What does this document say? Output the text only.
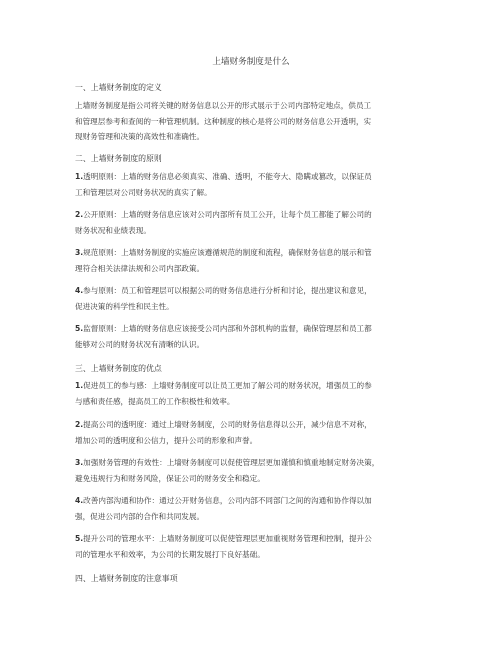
上墙财务制度是什么
一、上墙财务制度的定义
上墙财务制度是指公司将关键的财务信息以公开的形式展示于公司内部特定地点，供员工
和管理层参考和查阅的一种管理机制。这种制度的核心是将公司的财务信息公开透明，实
现财务管理和决策的高效性和准确性。
二、上墙财务制度的原则
1.透明原则：上墙的财务信息必须真实、准确、透明，不能夸大、隐瞒或篡改，以保证员
工和管理层对公司财务状况的真实了解。
2.公开原则：上墙的财务信息应该对公司内部所有员工公开，让每个员工都能了解公司的
财务状况和业绩表现。
3.规范原则：上墙财务制度的实施应该遵循规范的制度和流程，确保财务信息的展示和管
理符合相关法律法规和公司内部政策。
4.参与原则：员工和管理层可以根据公司的财务信息进行分析和讨论，提出建议和意见，
促进决策的科学性和民主性。
5.监督原则：上墙的财务信息应该接受公司内部和外部机构的监督，确保管理层和员工都
能够对公司的财务状况有清晰的认识。
三、上墙财务制度的优点
1.促进员工的参与感：上墙财务制度可以让员工更加了解公司的财务状况，增强员工的参
与感和责任感，提高员工的工作积极性和效率。
2.提高公司的透明度：通过上墙财务制度，公司的财务信息得以公开，减少信息不对称，
增加公司的透明度和公信力，提升公司的形象和声誉。
3.加强财务管理的有效性：上墙财务制度可以促使管理层更加谨慎和慎重地制定财务决策，
避免违规行为和财务风险，保证公司的财务安全和稳定。
4.改善内部沟通和协作：通过公开财务信息，公司内部不同部门之间的沟通和协作得以加
强，促进公司内部的合作和共同发展。
5.提升公司的管理水平：上墙财务制度可以促使管理层更加重视财务管理和控制，提升公
司的管理水平和效率，为公司的长期发展打下良好基础。
四、上墙财务制度的注意事项
